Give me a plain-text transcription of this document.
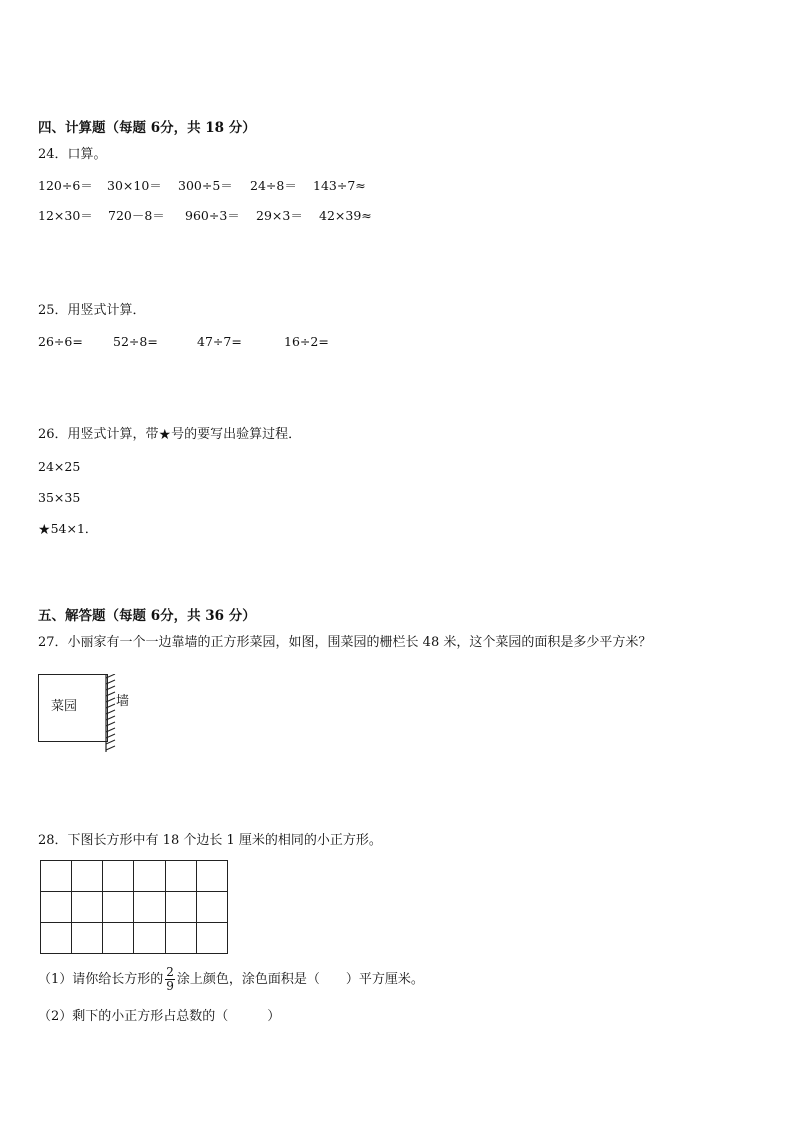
四、计算题（每题 6分，共 18 分）
24．口算。
120÷6＝ 30×10＝ 300÷5＝ 24÷8＝ 143÷7≈
12×30＝ 720－8＝ 960÷3＝ 29×3＝ 42×39≈
25．用竖式计算．
26÷6= 52÷8=	47÷7=	16÷2=
26．用竖式计算，带★号的要写出验算过程．
24×25
35×35
★54×1．
五、解答题（每题 6分，共 36 分）
27．小丽家有一个一边靠墙的正方形菜园，如图，围菜园的栅栏长 48 米，这个菜园的面积是多少平方米？
菜园	墙
28．下图长方形中有 18 个边长 1 厘米的相同的小正方形。

（1）请你给长方形的 $\frac{2}{9}$ 涂上颜色，涂色面积是（　　）平方厘米。
（2）剩下的小正方形占总数的（　　　）
